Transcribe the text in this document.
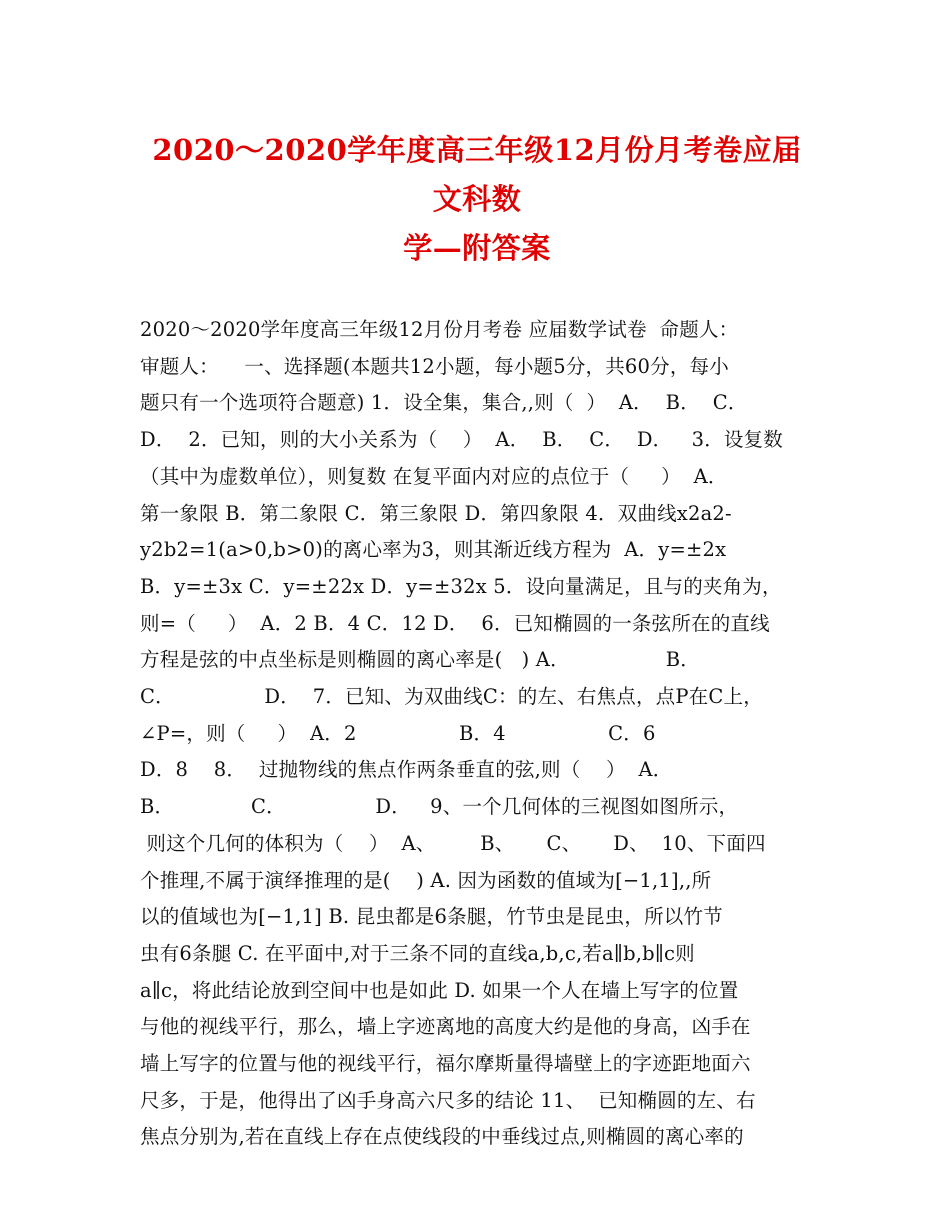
2020～2020学年度高三年级12月份月考卷应届文科数
学—附答案
2020～2020学年度高三年级12月份月考卷 应届数学试卷  命题人：
审题人：    一、选择题(本题共12小题，每小题5分，共60分，每小
题只有一个选项符合题意) 1．设全集，集合,,则（  ）  A．  B．  C．
D．  2．已知，则的大小关系为（    ）  A．  B．  C．  D．   3．设复数
（其中为虚数单位），则复数 在复平面内对应的点位于（     ）  A．
第一象限 B．第二象限 C．第三象限 D．第四象限 4．双曲线x2a2-
y2b2=1(a>0,b>0)的离心率为3，则其渐近线方程为  A．y=±2x
B．y=±3x C．y=±22x D．y=±32x 5．设向量满足，且与的夹角为，
则=（     ）  A．2 B．4 C．12 D．  6．已知椭圆的一条弦所在的直线
方程是弦的中点坐标是则椭圆的离心率是(   ) A．               B．
C．              D．  7．已知、为双曲线C：的左、右焦点，点P在C上，
∠P=，则（     ）  A．2                B．4                C．6
D．8    8．  过抛物线的焦点作两条垂直的弦,则（    ）  A．
B．            C．              D．   9、一个几何体的三视图如图所示，
则这个几何的体积为（    ）  A、       B、     C、     D、  10、下面四
个推理,不属于演绎推理的是(    ) A. 因为函数的值域为[−1,1],,所
以的值域也为[−1,1] B. 昆虫都是6条腿，竹节虫是昆虫，所以竹节
虫有6条腿 C. 在平面中,对于三条不同的直线a,b,c,若a∥b,b∥c则
a∥c，将此结论放到空间中也是如此 D. 如果一个人在墙上写字的位置
与他的视线平行，那么，墙上字迹离地的高度大约是他的身高，凶手在
墙上写字的位置与他的视线平行，福尔摩斯量得墙壁上的字迹距地面六
尺多，于是，他得出了凶手身高六尺多的结论 11、  已知椭圆的左、右
焦点分别为,若在直线上存在点使线段的中垂线过点,则椭圆的离心率的
